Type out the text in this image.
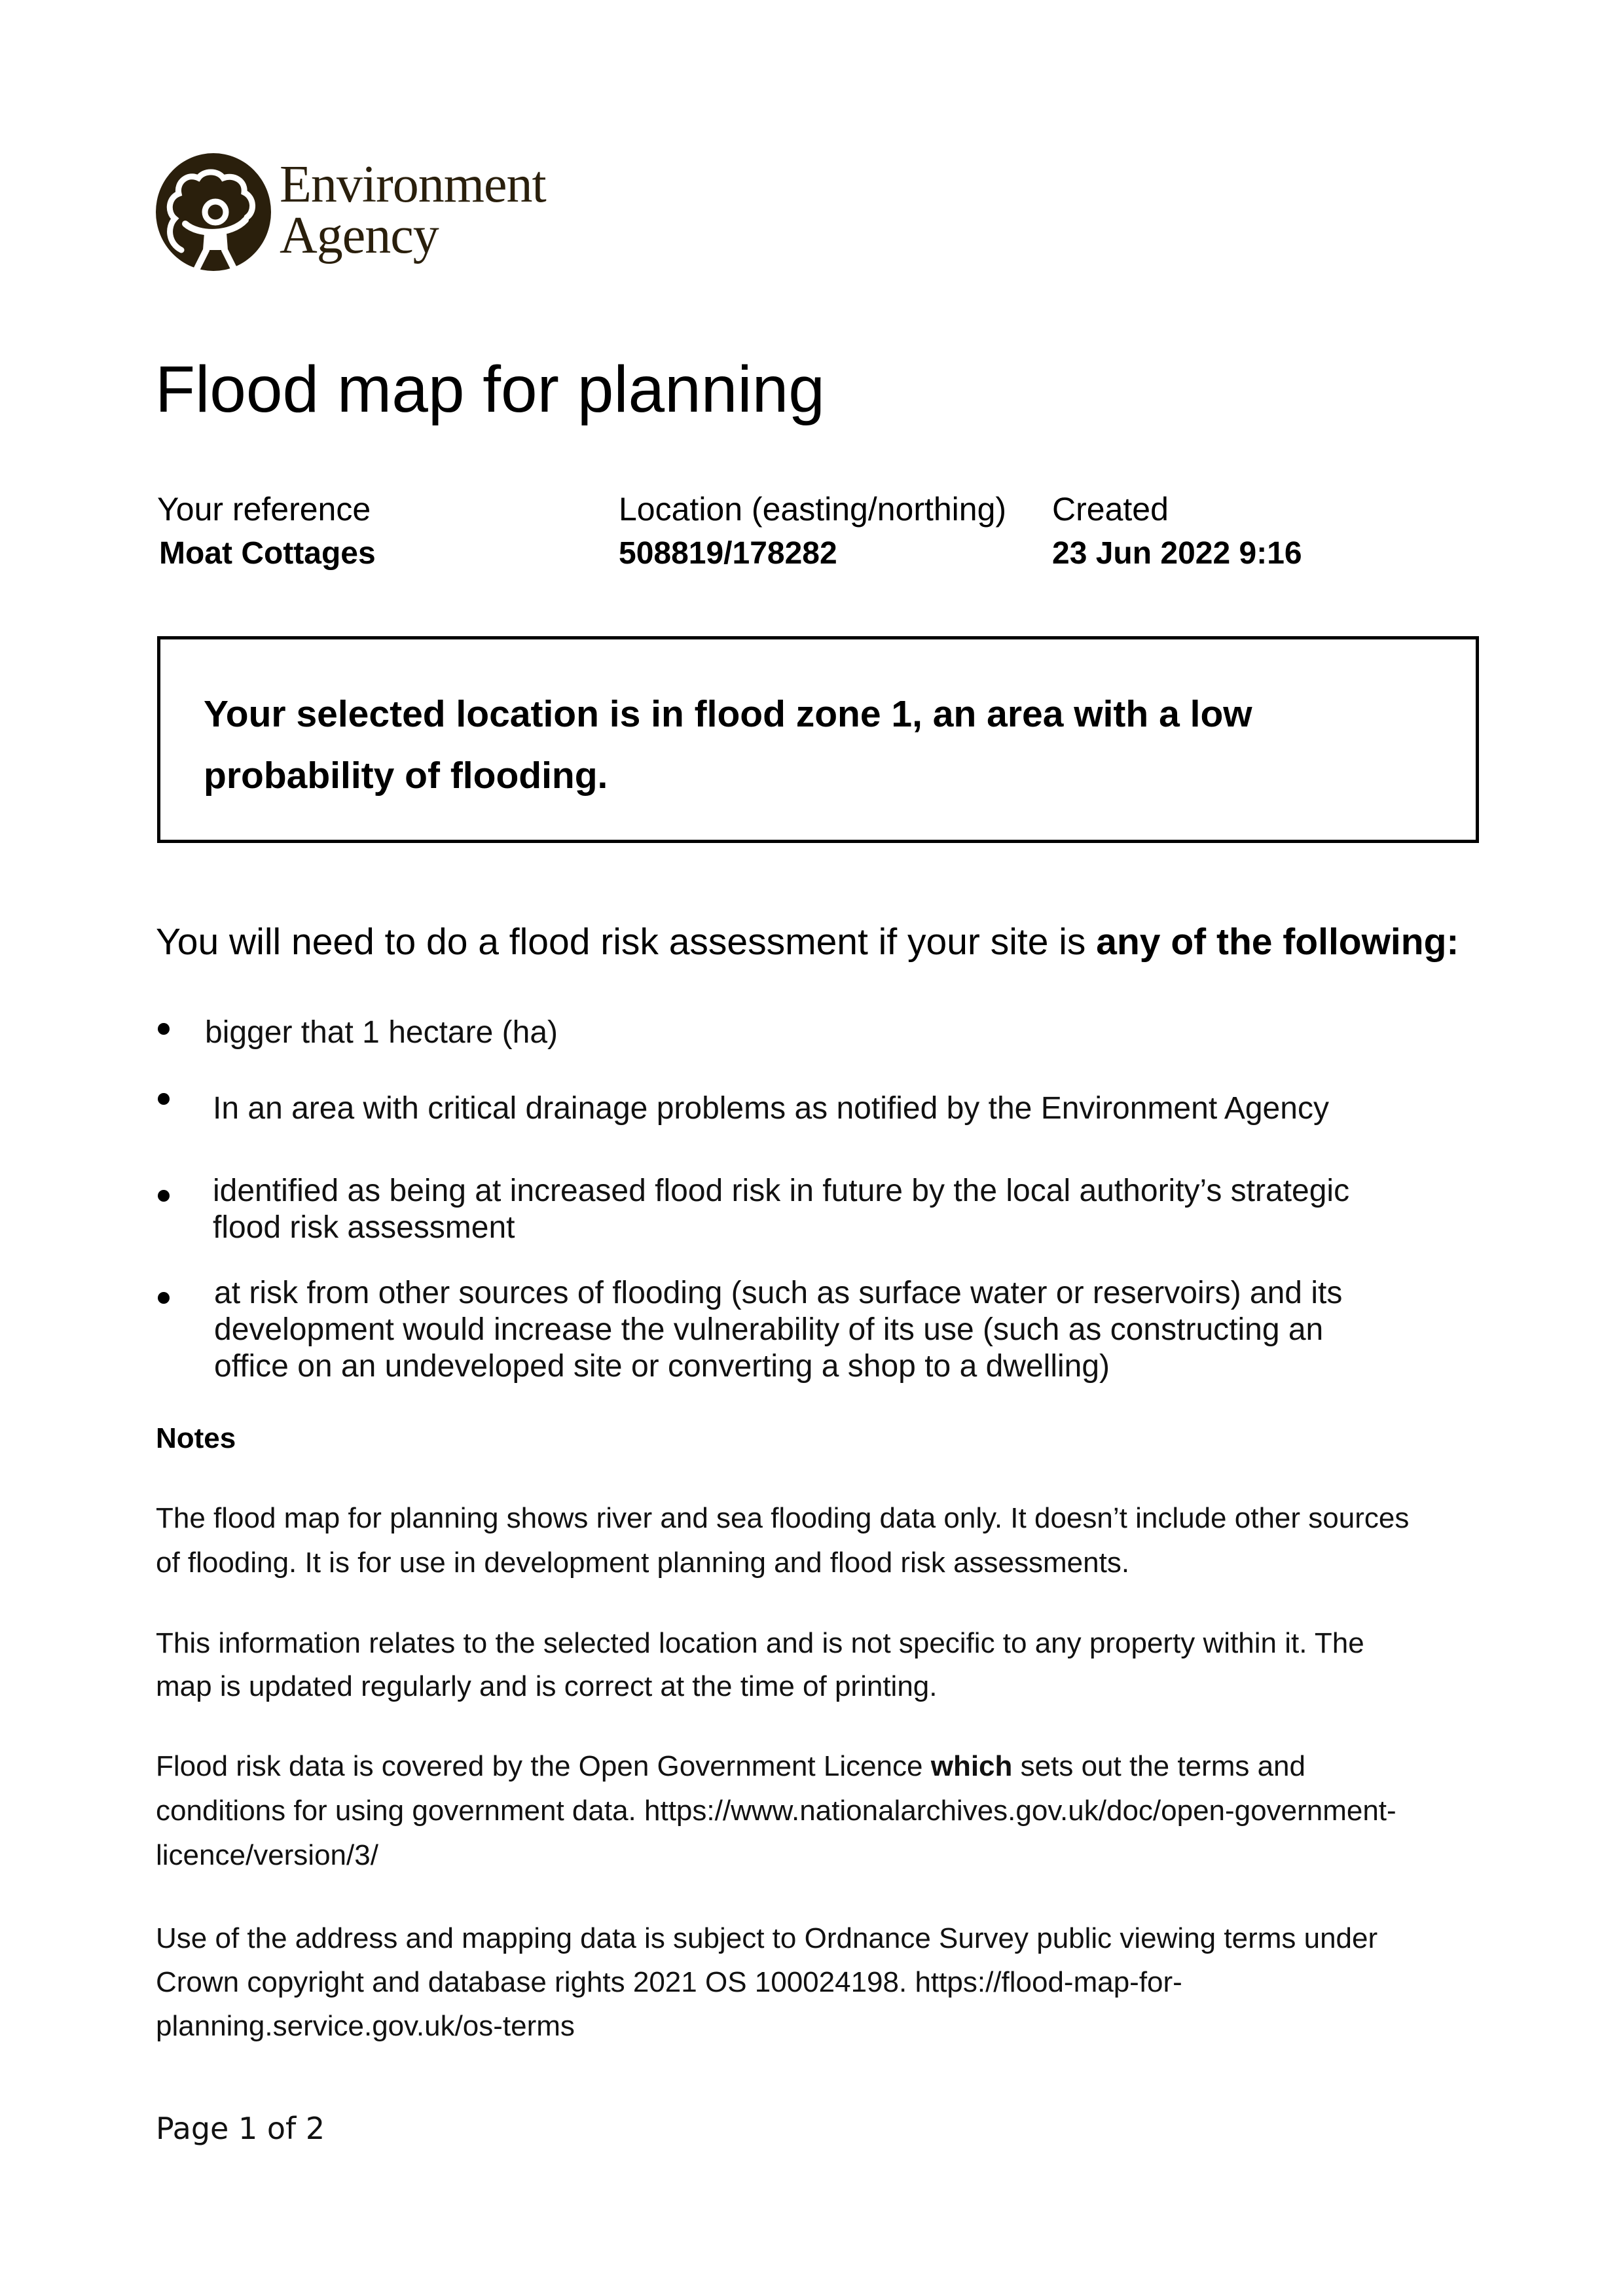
Environment
Agency
Flood map for planning
Your reference
Moat Cottages
Location (easting/northing)
508819/178282
Created
23 Jun 2022 9:16
Your selected location is in flood zone 1, an area with a low
probability of flooding.
You will need to do a flood risk assessment if your site is any of the following:
bigger that 1 hectare (ha)
In an area with critical drainage problems as notified by the Environment Agency
identified as being at increased flood risk in future by the local authority’s strategic
flood risk assessment
at risk from other sources of flooding (such as surface water or reservoirs) and its
development would increase the vulnerability of its use (such as constructing an
office on an undeveloped site or converting a shop to a dwelling)
Notes
The flood map for planning shows river and sea flooding data only. It doesn’t include other sources
of flooding. It is for use in development planning and flood risk assessments.
This information relates to the selected location and is not specific to any property within it. The
map is updated regularly and is correct at the time of printing.
Flood risk data is covered by the Open Government Licence which sets out the terms and
conditions for using government data. https://www.nationalarchives.gov.uk/doc/open-government-
licence/version/3/
Use of the address and mapping data is subject to Ordnance Survey public viewing terms under
Crown copyright and database rights 2021 OS 100024198. https://flood-map-for-
planning.service.gov.uk/os-terms
Page 1 of 2
